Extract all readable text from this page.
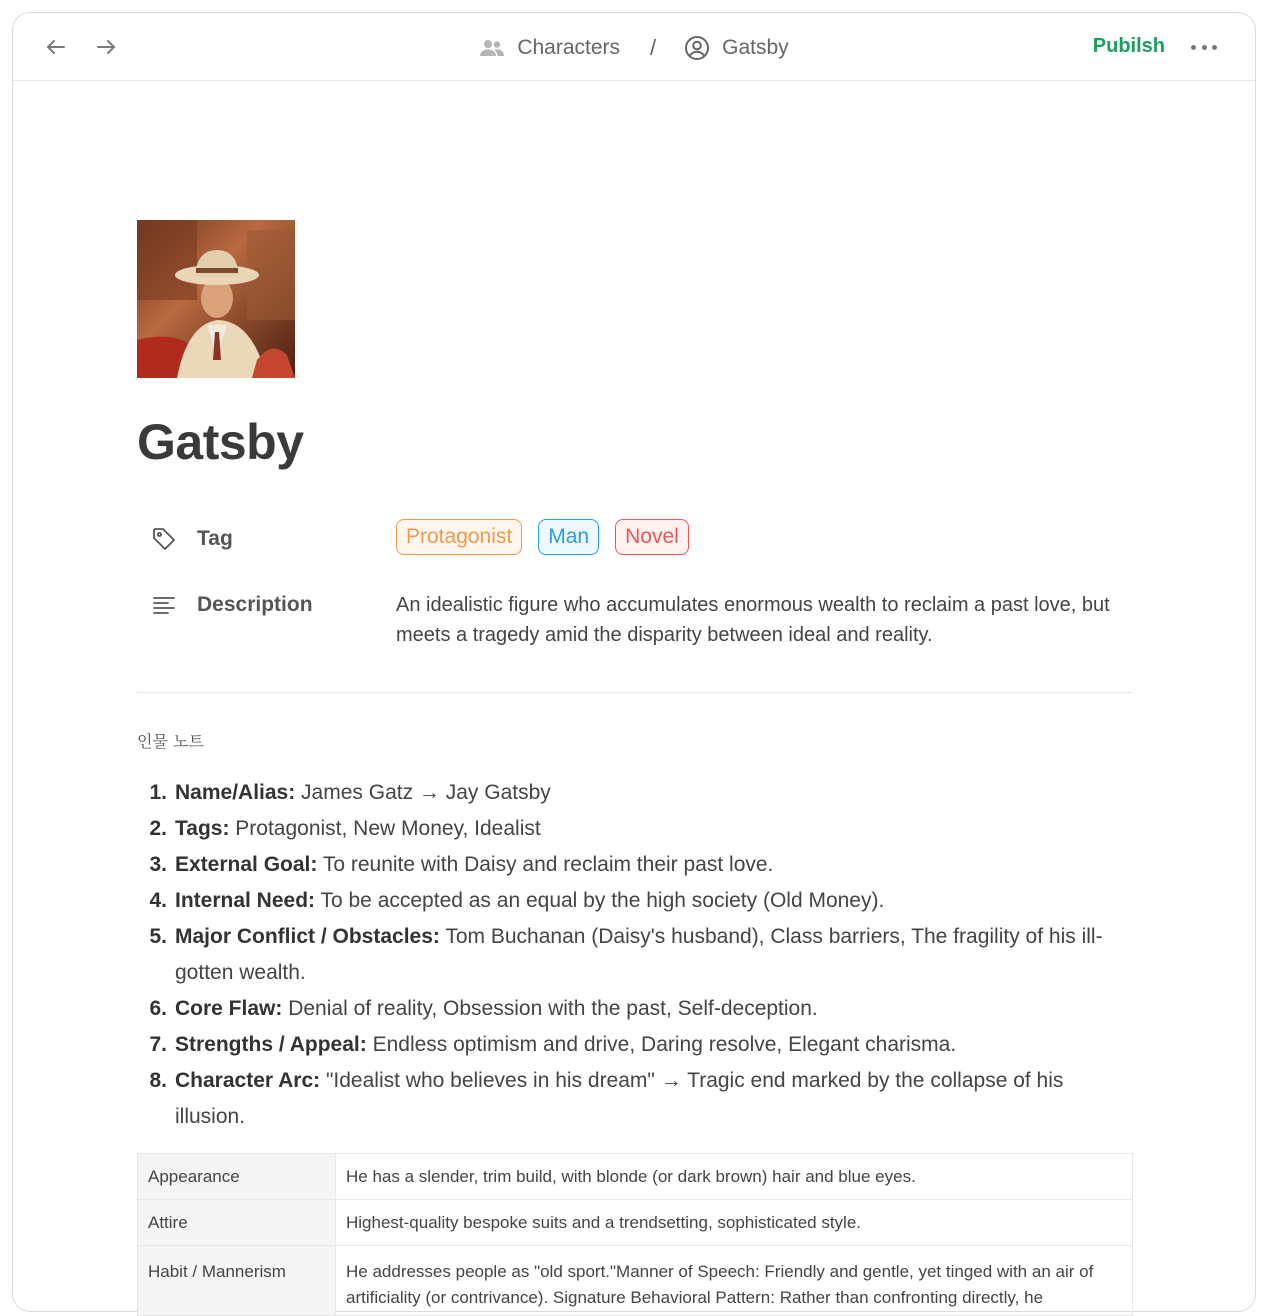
Characters /	Gatsby	Pubilsh
Gatsby
Tag	Protagonist	Man	Novel
Description	An idealistic figure who accumulates enormous wealth to reclaim a past love, but meets a tragedy amid the disparity between ideal and reality.

인물 노트
1. Name/Alias: James Gatz → Jay Gatsby
2. Tags: Protagonist, New Money, Idealist
3. External Goal: To reunite with Daisy and reclaim their past love.
4. Internal Need: To be accepted as an equal by the high society (Old Money).
5. Major Conflict / Obstacles: Tom Buchanan (Daisy's husband), Class barriers, The fragility of his ill-gotten wealth.
6. Core Flaw: Denial of reality, Obsession with the past, Self-deception.
7. Strengths / Appeal: Endless optimism and drive, Daring resolve, Elegant charisma.
8. Character Arc: "Idealist who believes in his dream" → Tragic end marked by the collapse of his illusion.
Appearance	He has a slender, trim build, with blonde (or dark brown) hair and blue eyes.
Attire	Highest-quality bespoke suits and a trendsetting, sophisticated style.
Habit / Mannerism	He addresses people as "old sport."Manner of Speech: Friendly and gentle, yet tinged with an air of artificiality (or contrivance). Signature Behavioral Pattern: Rather than confronting directly, he
